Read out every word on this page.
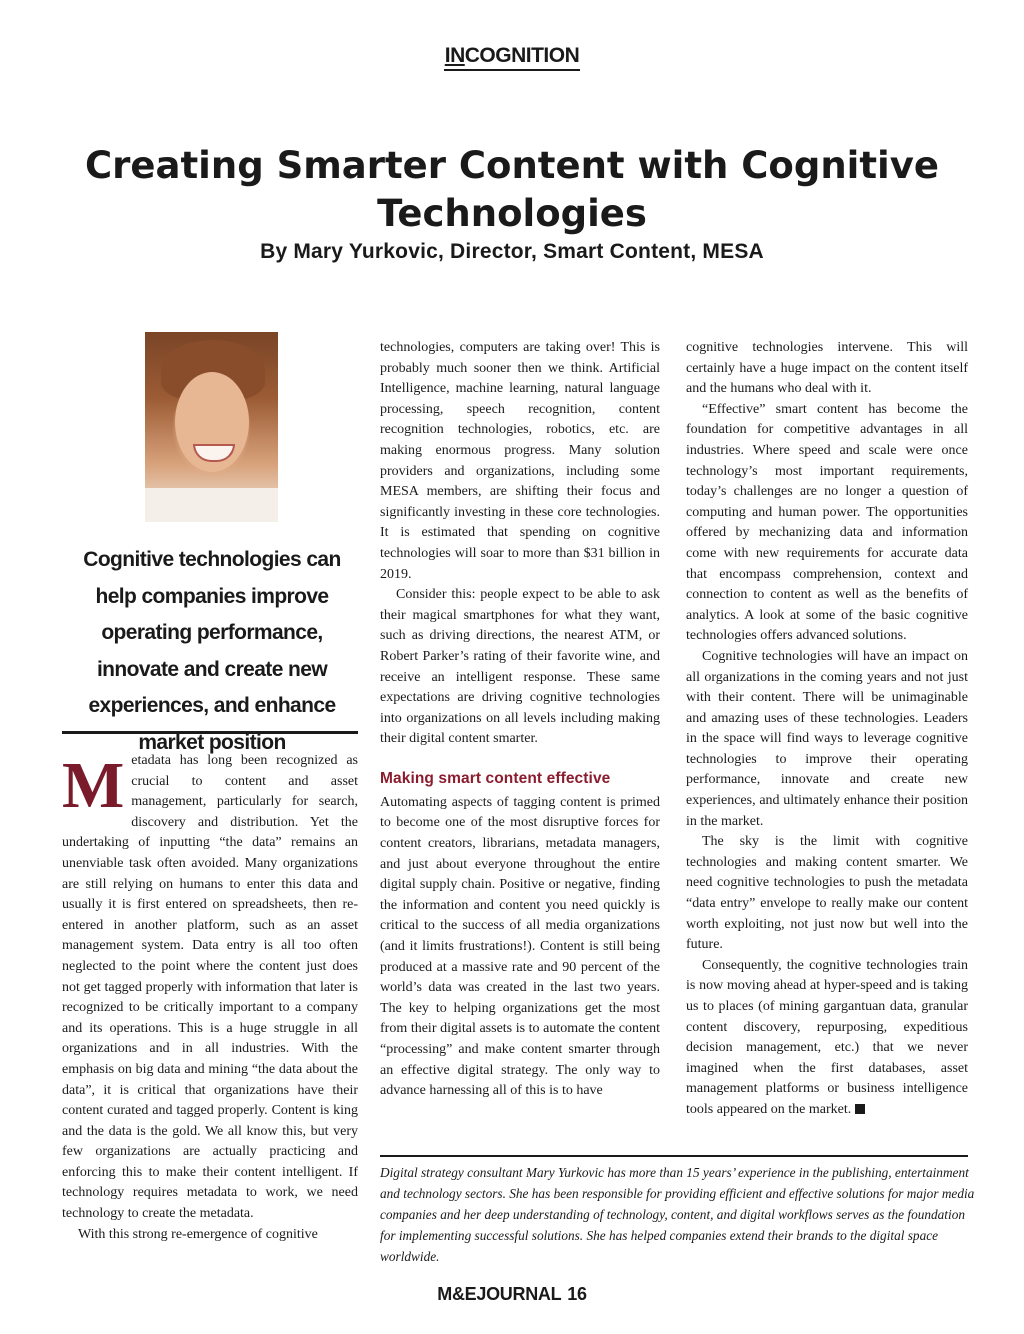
INCOGNITION
Creating Smarter Content with Cognitive Technologies

By Mary Yurkovic, Director, Smart Content, MESA

Cognitive technologies can help companies improve operating performance, innovate and create new experiences, and enhance market position

Metadata has long been recognized as crucial to content and asset management, particularly for search, discovery and distribution. Yet the undertaking of inputting “the data” remains an unenviable task often avoided. Many organizations are still relying on humans to enter this data and usually it is first entered on spreadsheets, then re-entered in another platform, such as an asset management system. Data entry is all too often neglected to the point where the content just does not get tagged properly with information that later is recognized to be critically important to a company and its operations. This is a huge struggle in all organizations and in all industries. With the emphasis on big data and mining “the data about the data”, it is critical that organizations have their content curated and tagged properly. Content is king and the data is the gold. We all know this, but very few organizations are actually practicing and enforcing this to make their content intelligent. If technology requires metadata to work, we need technology to create the metadata.

With this strong re-emergence of cognitive

technologies, computers are taking over! This is probably much sooner then we think. Artificial Intelligence, machine learning, natural language processing, speech recognition, content recognition technologies, robotics, etc. are making enormous progress. Many solution providers and organizations, including some MESA members, are shifting their focus and significantly investing in these core technologies. It is estimated that spending on cognitive technologies will soar to more than $31 billion in 2019.

Consider this: people expect to be able to ask their magical smartphones for what they want, such as driving directions, the nearest ATM, or Robert Parker’s rating of their favorite wine, and receive an intelligent response. These same expectations are driving cognitive technologies into organizations on all levels including making their digital content smarter.

Making smart content effective

Automating aspects of tagging content is primed to become one of the most disruptive forces for content creators, librarians, metadata managers, and just about everyone throughout the entire digital supply chain. Positive or negative, finding the information and content you need quickly is critical to the success of all media organizations (and it limits frustrations!). Content is still being produced at a massive rate and 90 percent of the world’s data was created in the last two years. The key to helping organizations get the most from their digital assets is to automate the content “processing” and make content smarter through an effective digital strategy. The only way to advance harnessing all of this is to have

cognitive technologies intervene. This will certainly have a huge impact on the content itself and the humans who deal with it.

“Effective” smart content has become the foundation for competitive advantages in all industries. Where speed and scale were once technology’s most important requirements, today’s challenges are no longer a question of computing and human power. The opportunities offered by mechanizing data and information come with new requirements for accurate data that encompass comprehension, context and connection to content as well as the benefits of analytics. A look at some of the basic cognitive technologies offers advanced solutions.

Cognitive technologies will have an impact on all organizations in the coming years and not just with their content. There will be unimaginable and amazing uses of these technologies. Leaders in the space will find ways to leverage cognitive technologies to improve their operating performance, innovate and create new experiences, and ultimately enhance their position in the market.

The sky is the limit with cognitive technologies and making content smarter. We need cognitive technologies to push the metadata “data entry” envelope to really make our content worth exploiting, not just now but well into the future.

Consequently, the cognitive technologies train is now moving ahead at hyper-speed and is taking us to places (of mining gargantuan data, granular content discovery, repurposing, expeditious decision management, etc.) that we never imagined when the first databases, asset management platforms or business intelligence tools appeared on the market.

Digital strategy consultant Mary Yurkovic has more than 15 years’ experience in the publishing, entertainment and technology sectors. She has been responsible for providing efficient and effective solutions for major media companies and her deep understanding of technology, content, and digital workflows serves as the foundation for implementing successful solutions. She has helped companies extend their brands to the digital space worldwide.

M&EJOURNAL 16
